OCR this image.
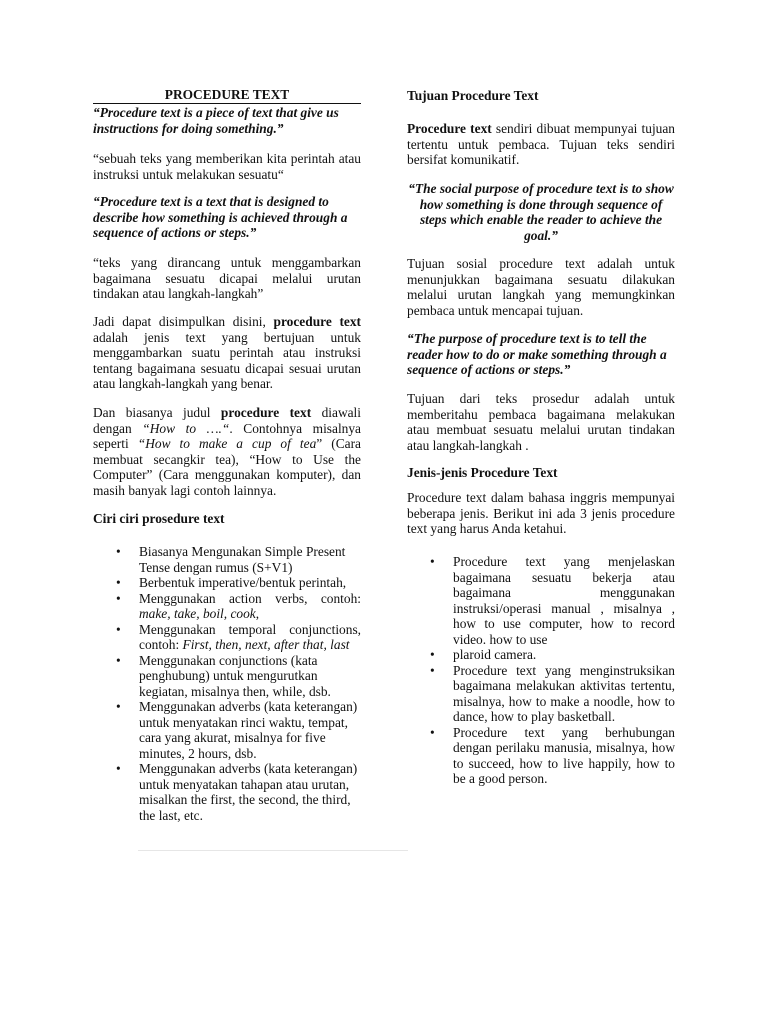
PROCEDURE TEXT
“Procedure text is a piece of text that give us instructions for doing something.”
“sebuah teks yang memberikan kita perintah atau instruksi untuk melakukan sesuatu“
“Procedure text is a text that is designed to describe how something is achieved through a sequence of actions or steps.”
“teks yang dirancang untuk menggambarkan bagaimana sesuatu dicapai melalui urutan tindakan atau langkah-langkah”
Jadi dapat disimpulkan disini, procedure text adalah jenis text yang bertujuan untuk menggambarkan suatu perintah atau instruksi tentang bagaimana sesuatu dicapai sesuai urutan atau langkah-langkah yang benar.
Dan biasanya judul procedure text diawali dengan “How to ….“. Contohnya misalnya seperti “How to make a cup of tea” (Cara membuat secangkir tea), “How to Use the Computer” (Cara menggunakan komputer), dan masih banyak lagi contoh lainnya.
Ciri ciri prosedure text
• Biasanya Mengunakan Simple Present Tense dengan rumus (S+V1)
• Berbentuk imperative/bentuk perintah,
• Menggunakan action verbs, contoh: make, take, boil, cook,
• Menggunakan temporal conjunctions, contoh: First, then, next, after that, last
• Menggunakan conjunctions (kata penghubung) untuk mengurutkan kegiatan, misalnya then, while, dsb.
• Menggunakan adverbs (kata keterangan) untuk menyatakan rinci waktu, tempat, cara yang akurat, misalnya for five minutes, 2 hours, dsb.
• Menggunakan adverbs (kata keterangan) untuk menyatakan tahapan atau urutan, misalkan the first, the second, the third, the last, etc.
Tujuan Procedure Text
Procedure text sendiri dibuat mempunyai tujuan tertentu untuk pembaca. Tujuan teks sendiri bersifat komunikatif.
“The social purpose of procedure text is to show how something is done through sequence of steps which enable the reader to achieve the goal.”
Tujuan sosial procedure text adalah untuk menunjukkan bagaimana sesuatu dilakukan melalui urutan langkah yang memungkinkan pembaca untuk mencapai tujuan.
“The purpose of procedure text is to tell the reader how to do or make something through a sequence of actions or steps.”
Tujuan dari teks prosedur adalah untuk memberitahu pembaca bagaimana melakukan atau membuat sesuatu melalui urutan tindakan atau langkah-langkah .
Jenis-jenis Procedure Text
Procedure text dalam bahasa inggris mempunyai beberapa jenis. Berikut ini ada 3 jenis procedure text yang harus Anda ketahui.
• Procedure text yang menjelaskan bagaimana sesuatu bekerja atau bagaimana menggunakan instruksi/operasi manual , misalnya , how to use computer, how to record video. how to use
• plaroid camera.
• Procedure text yang menginstruksikan bagaimana melakukan aktivitas tertentu, misalnya, how to make a noodle, how to dance, how to play basketball.
• Procedure text yang berhubungan dengan perilaku manusia, misalnya, how to succeed, how to live happily, how to be a good person.
